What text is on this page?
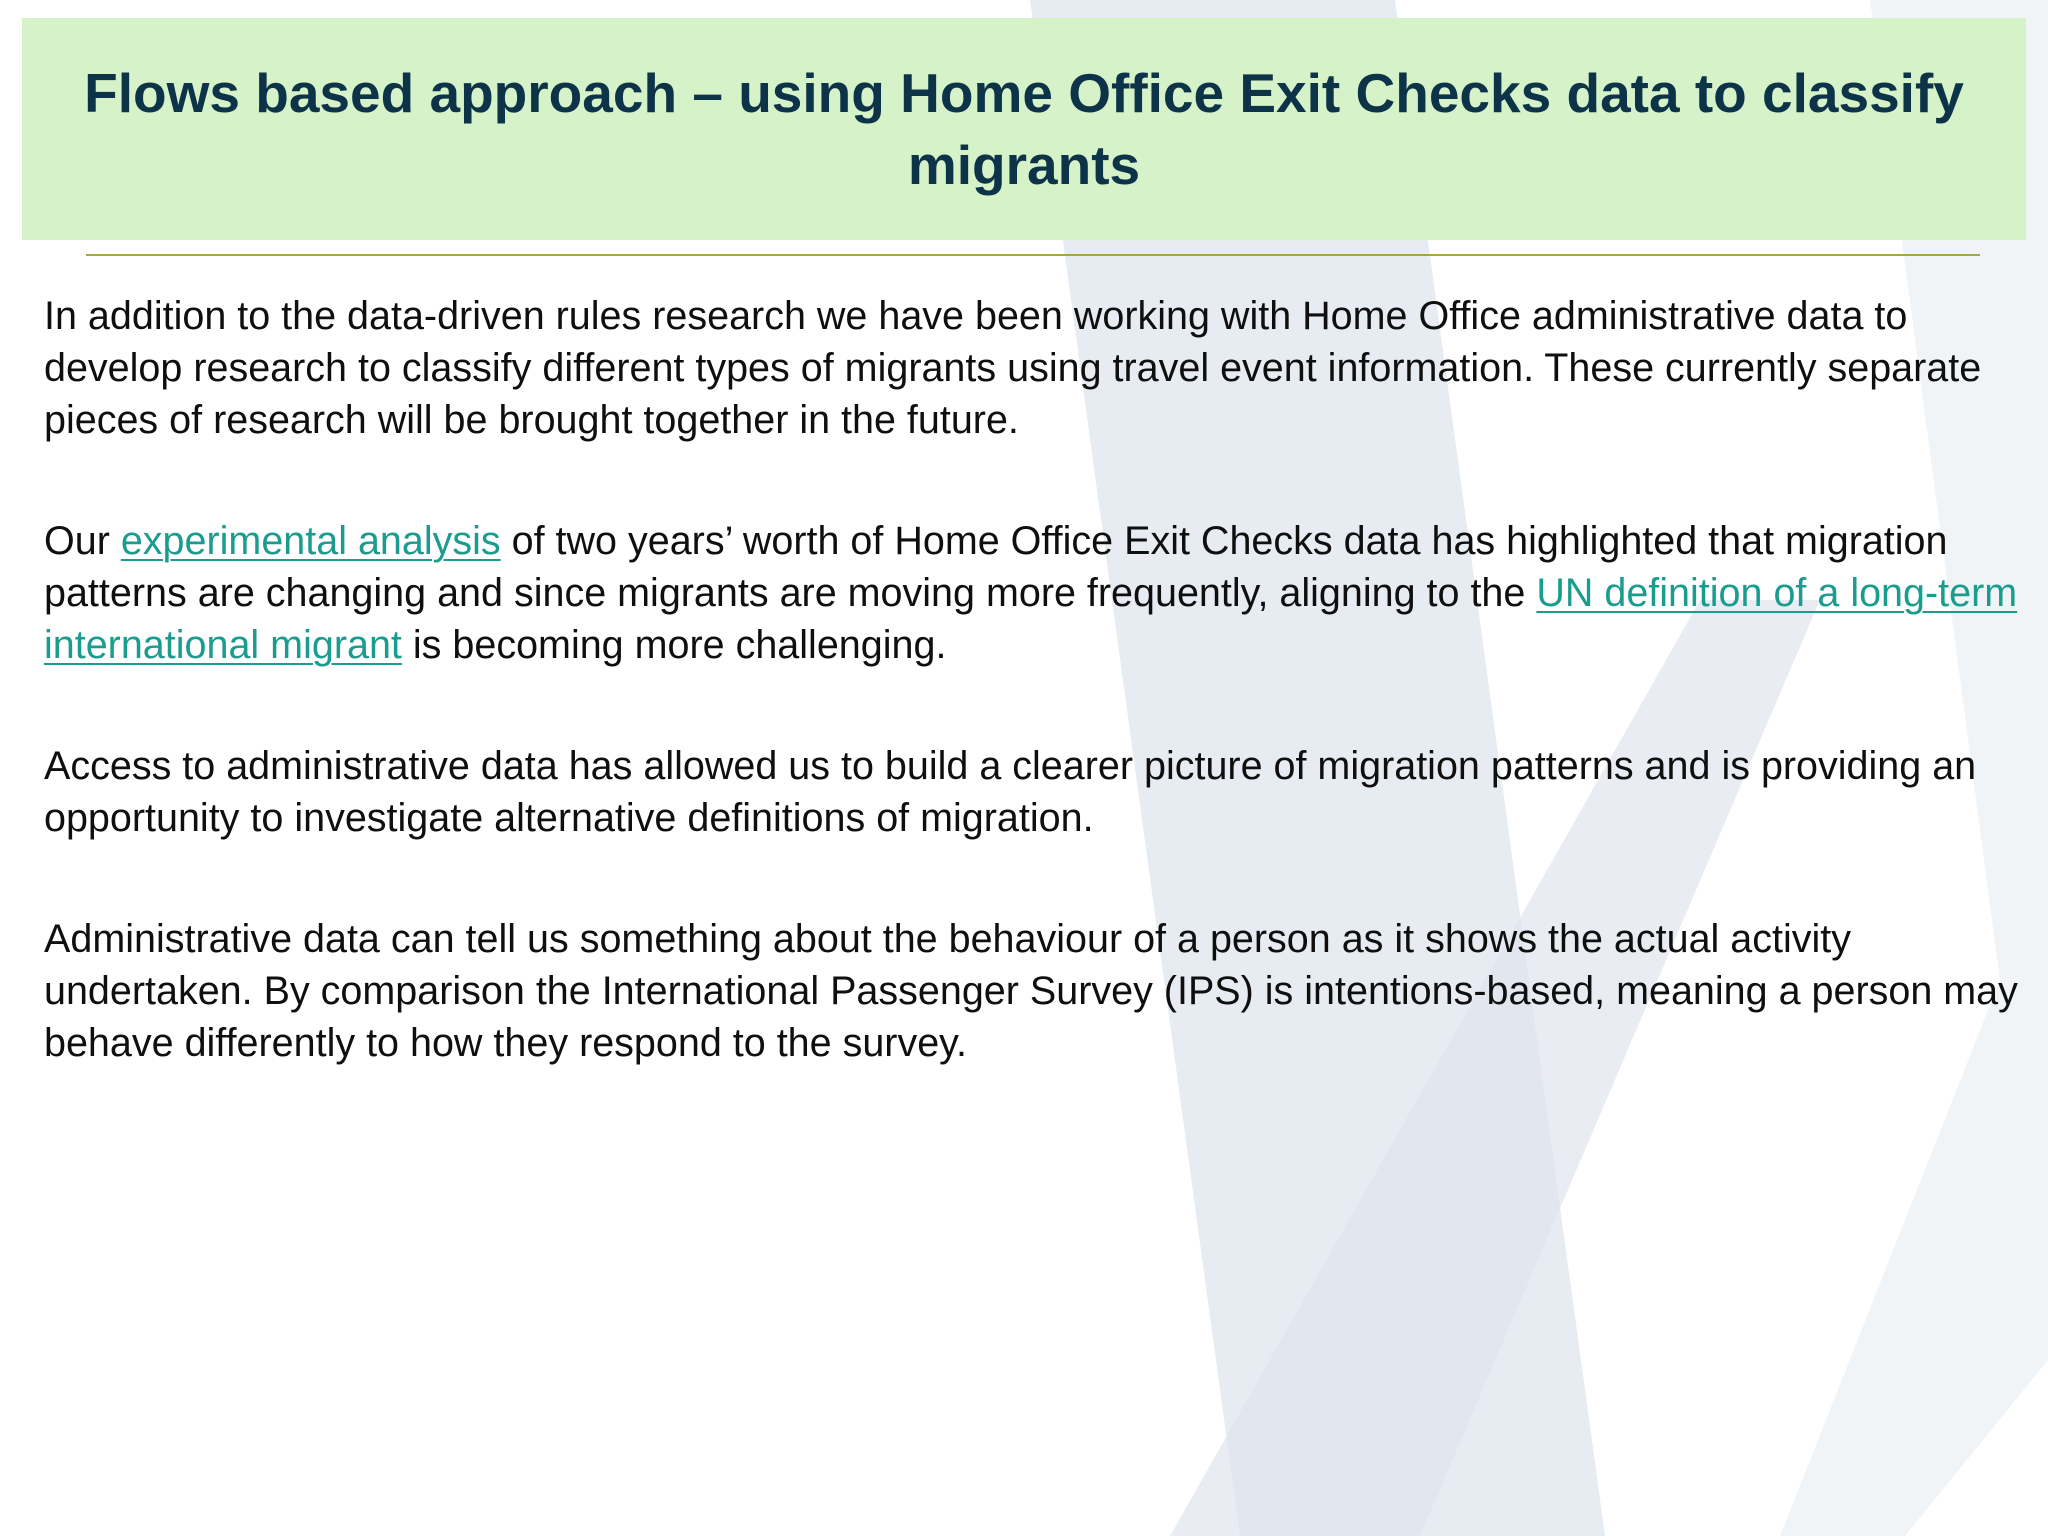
Flows based approach – using Home Office Exit Checks data to classify migrants

In addition to the data-driven rules research we have been working with Home Office administrative data to develop research to classify different types of migrants using travel event information. These currently separate pieces of research will be brought together in the future.

Our experimental analysis of two years’ worth of Home Office Exit Checks data has highlighted that migration patterns are changing and since migrants are moving more frequently, aligning to the UN definition of a long-term international migrant is becoming more challenging.

Access to administrative data has allowed us to build a clearer picture of migration patterns and is providing an opportunity to investigate alternative definitions of migration.

Administrative data can tell us something about the behaviour of a person as it shows the actual activity undertaken. By comparison the International Passenger Survey (IPS) is intentions-based, meaning a person may behave differently to how they respond to the survey.
